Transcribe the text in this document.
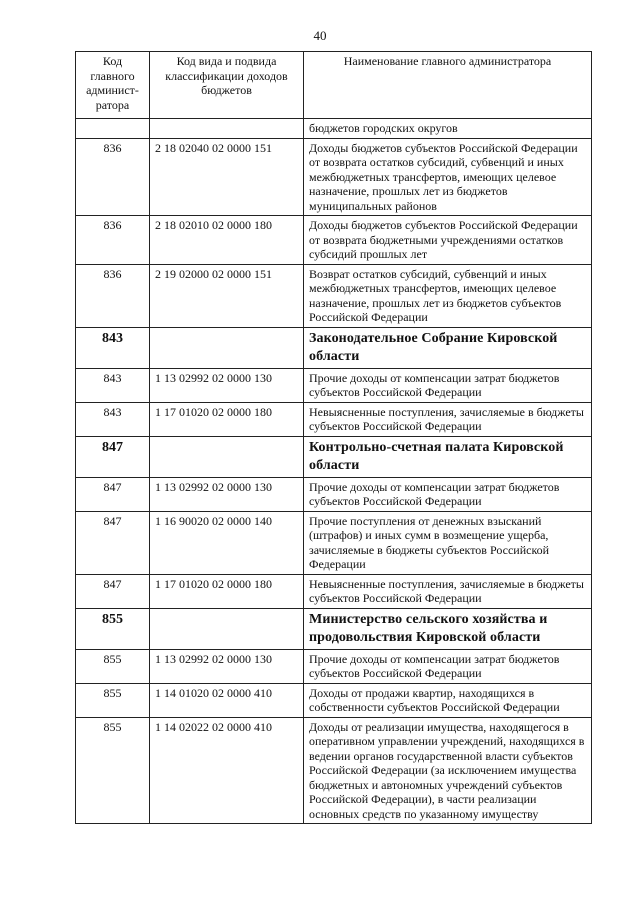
40
Код главного админист-ратора	Код вида и подвида классификации доходов бюджетов	Наименование главного администратора
		бюджетов городских округов
836	2 18 02040 02 0000 151	Доходы бюджетов субъектов Российской Федерации от возврата остатков субсидий, субвенций и иных межбюджетных трансфертов, имеющих целевое назначение, прошлых лет из бюджетов муниципальных районов
836	2 18 02010 02 0000 180	Доходы бюджетов субъектов Российской Федерации от возврата бюджетными учреждениями остатков субсидий прошлых лет
836	2 19 02000 02 0000 151	Возврат остатков субсидий, субвенций и иных межбюджетных трансфертов, имеющих целевое назначение, прошлых лет из бюджетов субъектов Российской Федерации
843		Законодательное Собрание Кировской области
843	1 13 02992 02 0000 130	Прочие доходы от компенсации затрат бюджетов субъектов Российской Федерации
843	1 17 01020 02 0000 180	Невыясненные поступления, зачисляемые в бюджеты субъектов Российской Федерации
847		Контрольно-счетная палата Кировской области
847	1 13 02992 02 0000 130	Прочие доходы от компенсации затрат бюджетов субъектов Российской Федерации
847	1 16 90020 02 0000 140	Прочие поступления от денежных взысканий (штрафов) и иных сумм в возмещение ущерба, зачисляемые в бюджеты субъектов Российской Федерации
847	1 17 01020 02 0000 180	Невыясненные поступления, зачисляемые в бюджеты субъектов Российской Федерации
855		Министерство сельского хозяйства и продовольствия Кировской области
855	1 13 02992 02 0000 130	Прочие доходы от компенсации затрат бюджетов субъектов Российской Федерации
855	1 14 01020 02 0000 410	Доходы от продажи квартир, находящихся в собственности субъектов Российской Федерации
855	1 14 02022 02 0000 410	Доходы от реализации имущества, находящегося в оперативном управлении учреждений, находящихся в ведении органов государственной власти субъектов Российской Федерации (за исключением имущества бюджетных и автономных учреждений субъектов Российской Федерации), в части реализации основных средств по указанному имуществу
